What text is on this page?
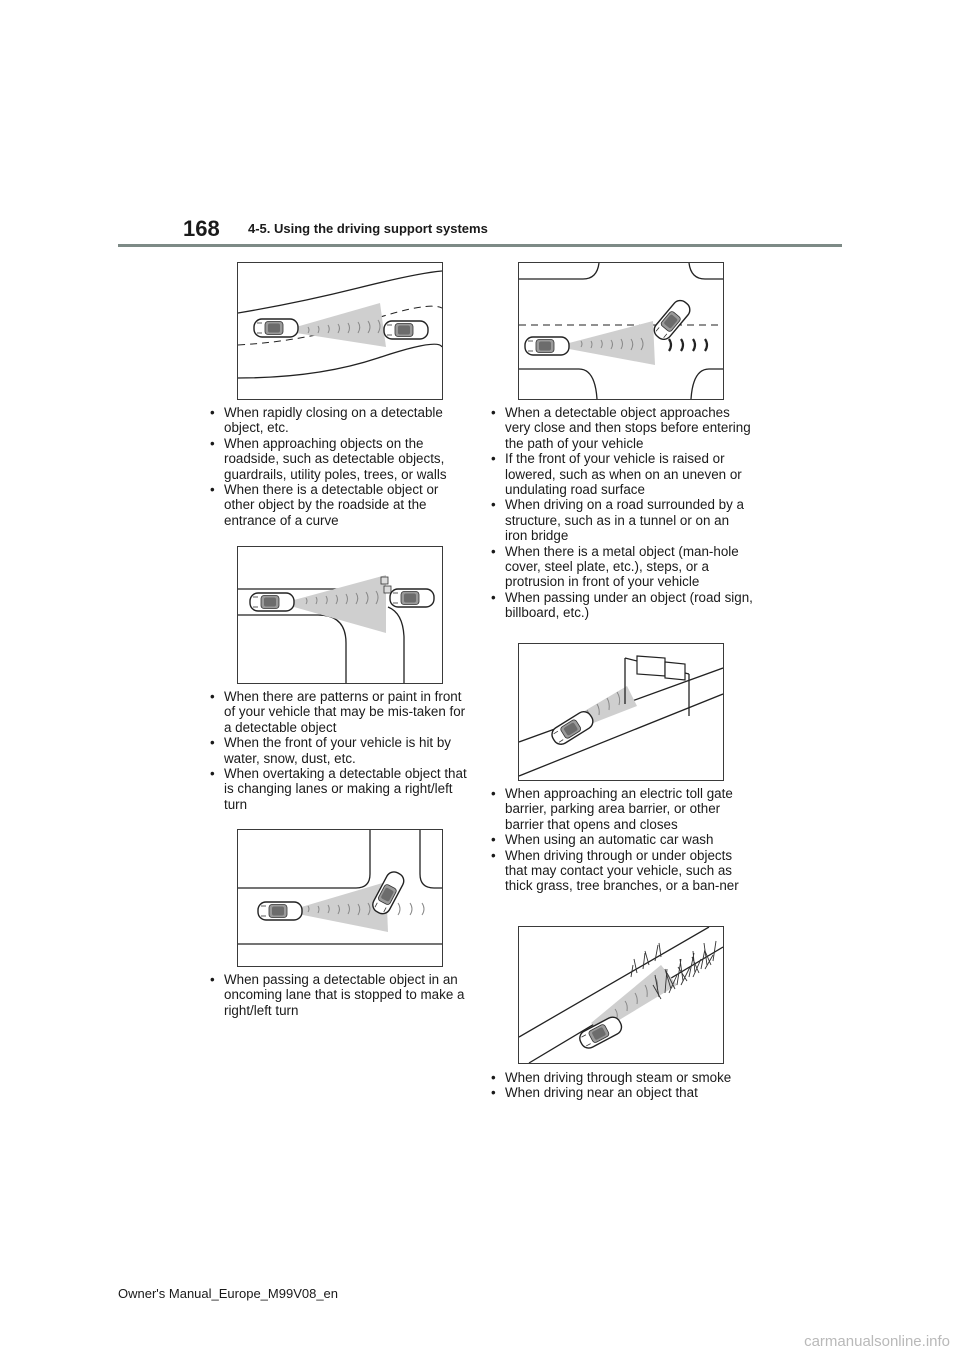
168 4-5. Using the driving support systems
• When rapidly closing on a detectable object, etc.
• When approaching objects on the roadside, such as detectable objects, guardrails, utility poles, trees, or walls
• When there is a detectable object or other object by the roadside at the entrance of a curve
• When there are patterns or paint in front of your vehicle that may be mis-taken for a detectable object
• When the front of your vehicle is hit by water, snow, dust, etc.
• When overtaking a detectable object that is changing lanes or making a right/left turn
• When passing a detectable object in an oncoming lane that is stopped to make a right/left turn
• When a detectable object approaches very close and then stops before entering the path of your vehicle
• If the front of your vehicle is raised or lowered, such as when on an uneven or undulating road surface
• When driving on a road surrounded by a structure, such as in a tunnel or on an iron bridge
• When there is a metal object (man-hole cover, steel plate, etc.), steps, or a protrusion in front of your vehicle
• When passing under an object (road sign, billboard, etc.)
• When approaching an electric toll gate barrier, parking area barrier, or other barrier that opens and closes
• When using an automatic car wash
• When driving through or under objects that may contact your vehicle, such as thick grass, tree branches, or a ban-ner
• When driving through steam or smoke
• When driving near an object that
Owner's Manual_Europe_M99V08_en
carmanualsonline.info
